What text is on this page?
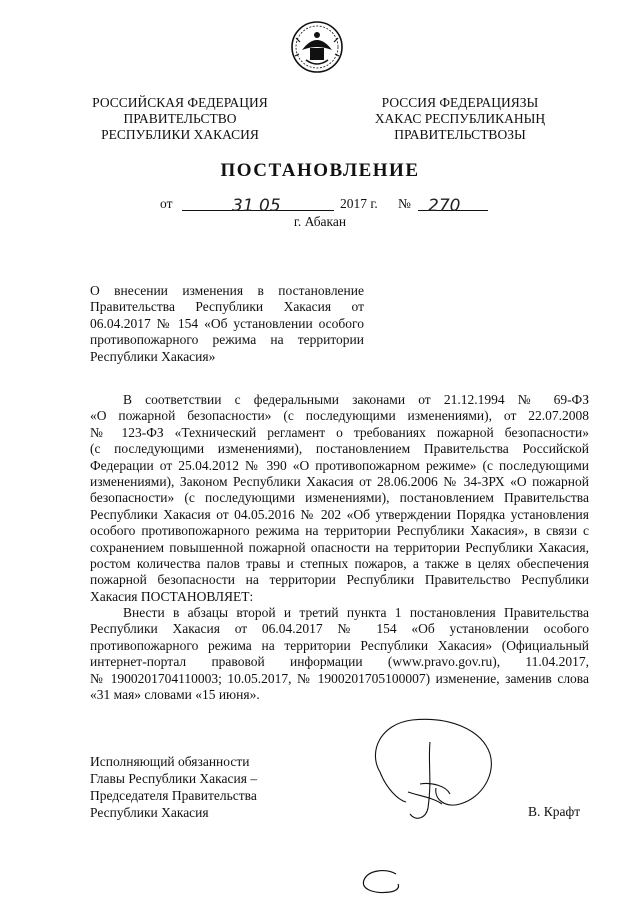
РОССИЙСКАЯ ФЕДЕРАЦИЯ
ПРАВИТЕЛЬСТВО
РЕСПУБЛИКИ ХАКАСИЯ
РОССИЯ ФЕДЕРАЦИЯЗЫ
ХАКАС РЕСПУБЛИКАНЫҢ
ПРАВИТЕЛЬСТВОЗЫ
ПОСТАНОВЛЕНИЕ
от	31 05	2017 г. № 270
г. Абакан
О внесении изменения в постановление
Правительства Республики Хакасия от
06.04.2017 № 154 «Об установлении особого
противопожарного режима на территории
Республики Хакасия»
В соответствии с федеральными законами от 21.12.1994 № 69-ФЗ
«О пожарной безопасности» (с последующими изменениями), от 22.07.2008
№ 123-ФЗ «Технический регламент о требованиях пожарной безопасности»
(с последующими изменениями), постановлением Правительства Российской
Федерации от 25.04.2012 № 390 «О противопожарном режиме» (с последующими
изменениями), Законом Республики Хакасия от 28.06.2006 № 34-ЗРХ «О пожарной
безопасности» (с последующими изменениями), постановлением Правительства
Республики Хакасия от 04.05.2016 № 202 «Об утверждении Порядка установления
особого противопожарного режима на территории Республики Хакасия», в связи с
сохранением повышенной пожарной опасности на территории Республики Хакасия,
ростом количества палов травы и степных пожаров, а также в целях обеспечения
пожарной безопасности на территории Республики Правительство Республики
Хакасия ПОСТАНОВЛЯЕТ:
Внести в абзацы второй и третий пункта 1 постановления Правительства
Республики Хакасия от 06.04.2017 № 154 «Об установлении особого
противопожарного режима на территории Республики Хакасия» (Официальный
интернет-портал правовой информации (www.pravo.gov.ru), 11.04.2017,
№ 1900201704110003; 10.05.2017, № 1900201705100007) изменение, заменив слова
«31 мая» словами «15 июня».
Исполняющий обязанности
Главы Республики Хакасия –
Председателя Правительства
Республики Хакасия	В. Крафт
